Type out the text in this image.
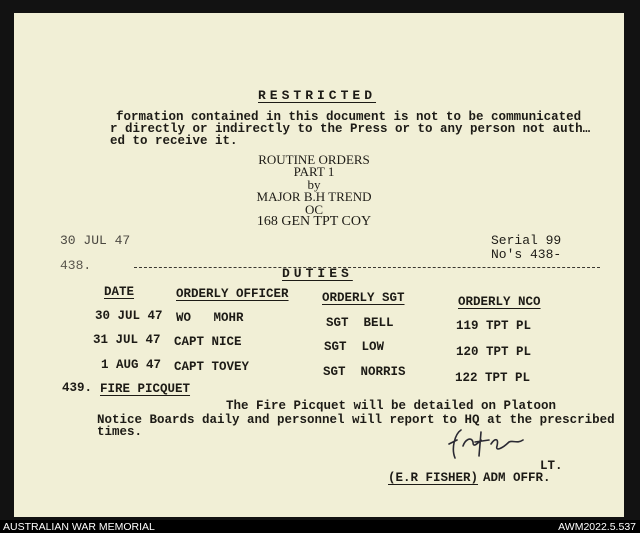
RESTRICTED
formation contained in this document is not to be communicated
r directly or indirectly to the Press or to any person not auth…
ed to receive it.
ROUTINE ORDERS
PART 1
by
MAJOR B.H TREND
OC
168 GEN TPT COY
30 JUL 47	Serial 99
No's 438-
438.
DUTIES
DATE	ORDERLY OFFICER	ORDERLY SGT	ORDERLY NCO
30 JUL 47 WO   MOHR	SGT  BELL	119 TPT PL
31 JUL 47 CAPT NICE	SGT  LOW	120 TPT PL
1 AUG 47 CAPT TOVEY	SGT  NORRIS	122 TPT PL
439. FIRE PICQUET
The Fire Picquet will be detailed on Platoon
Notice Boards daily and personnel will report to HQ at the prescribed
times.
LT.
(E.R FISHER) ADM OFFR.
AUSTRALIAN WAR MEMORIAL	AWM2022.5.537
